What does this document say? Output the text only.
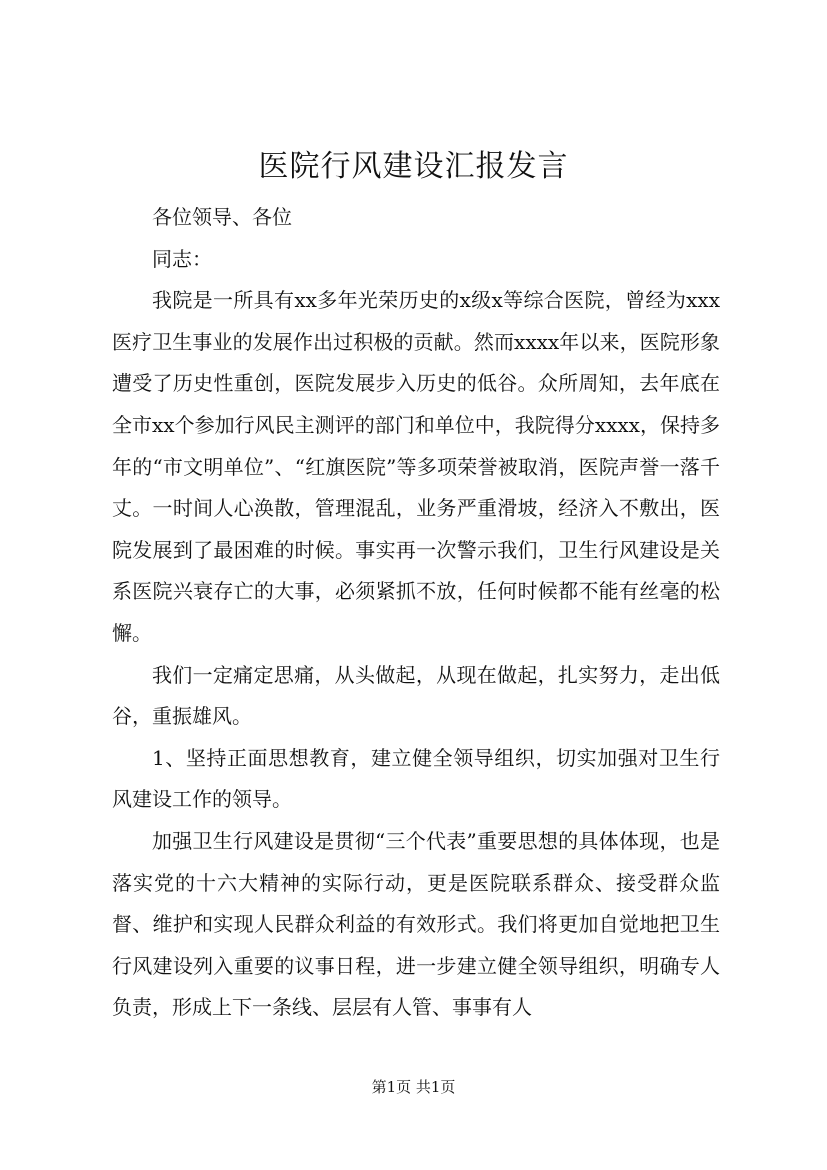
医院行风建设汇报发言

各位领导、各位

同志：

我院是一所具有xx多年光荣历史的x级x等综合医院，曾经为xxx医疗卫生事业的发展作出过积极的贡献。然而xxxx年以来，医院形象遭受了历史性重创，医院发展步入历史的低谷。众所周知，去年底在全市xx个参加行风民主测评的部门和单位中，我院得分xxxx，保持多年的“市文明单位”、“红旗医院”等多项荣誉被取消，医院声誉一落千丈。一时间人心涣散，管理混乱，业务严重滑坡，经济入不敷出，医院发展到了最困难的时候。事实再一次警示我们，卫生行风建设是关系医院兴衰存亡的大事，必须紧抓不放，任何时候都不能有丝毫的松懈。

我们一定痛定思痛，从头做起，从现在做起，扎实努力，走出低谷，重振雄风。

1、坚持正面思想教育，建立健全领导组织，切实加强对卫生行风建设工作的领导。

加强卫生行风建设是贯彻“三个代表”重要思想的具体体现，也是落实党的十六大精神的实际行动，更是医院联系群众、接受群众监督、维护和实现人民群众利益的有效形式。我们将更加自觉地把卫生行风建设列入重要的议事日程，进一步建立健全领导组织，明确专人负责，形成上下一条线、层层有人管、事事有人

第1页 共1页
